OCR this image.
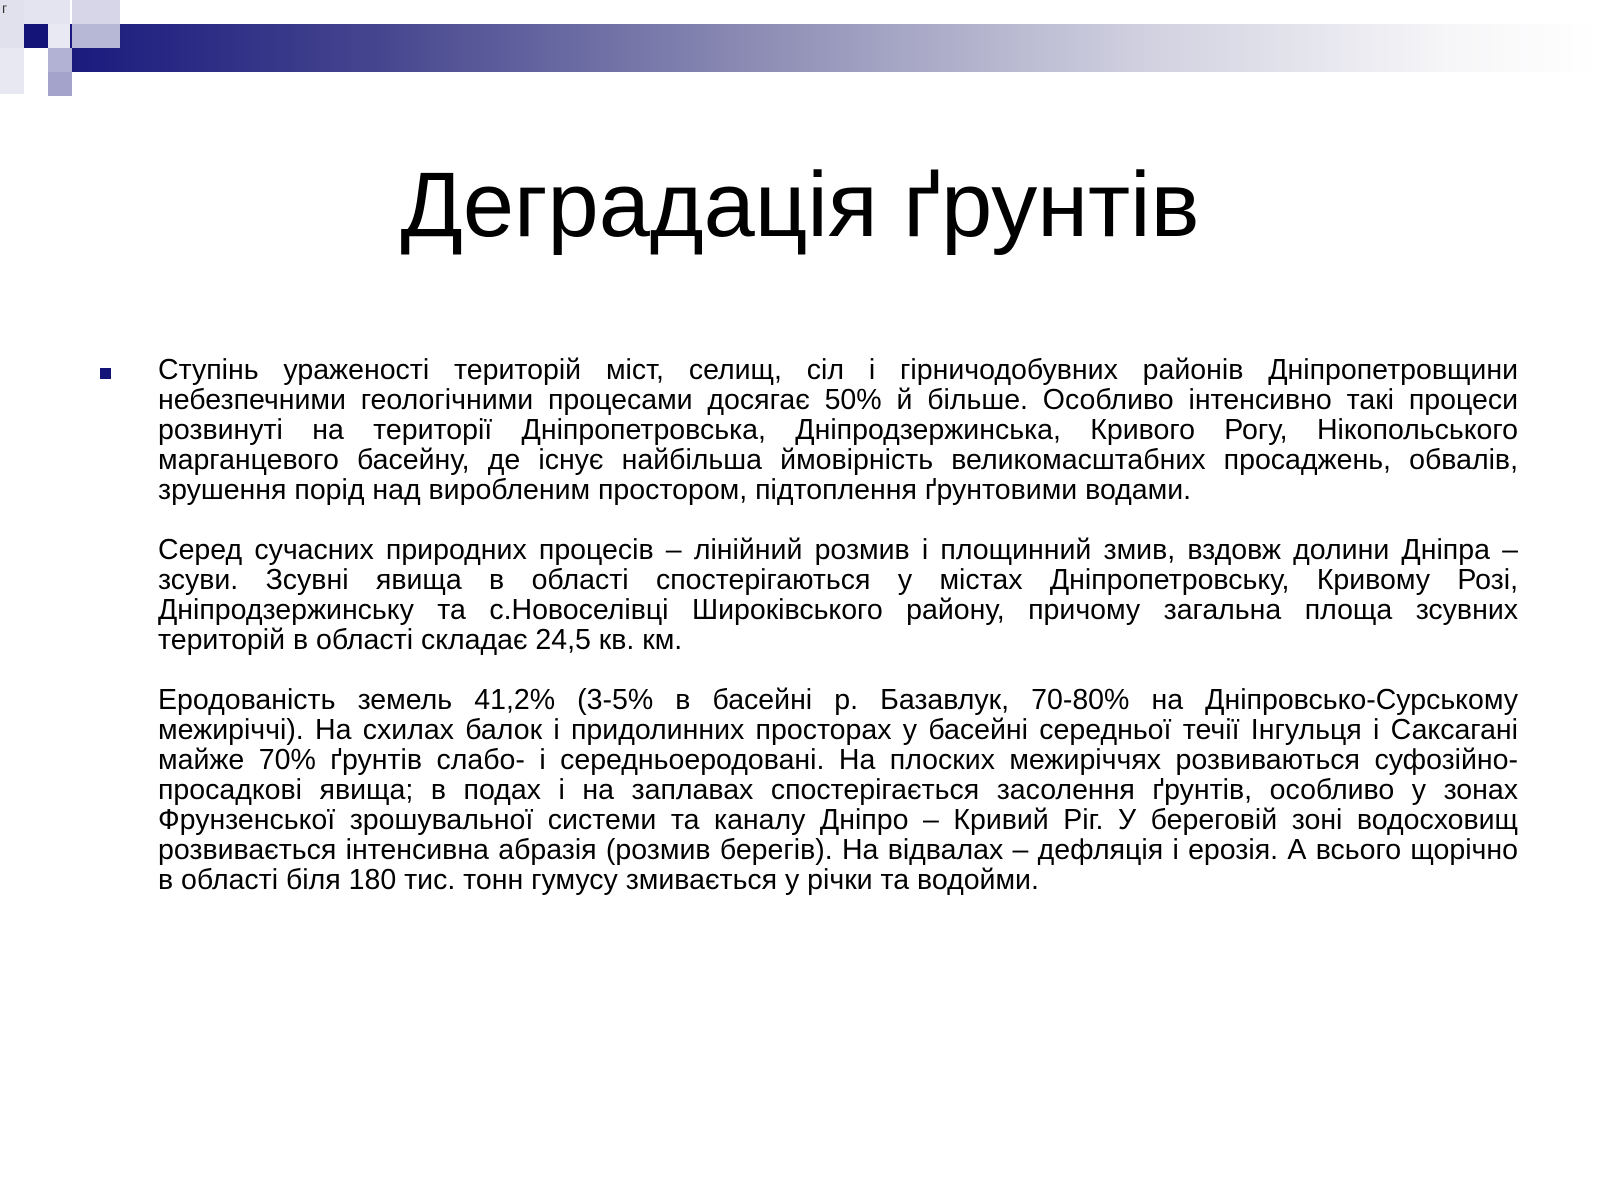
г
Деградація ґрунтів

Ступінь ураженості територій міст, селищ, сіл і гірничодобувних районів Дніпропетровщини небезпечними геологічними процесами досягає 50% й більше. Особливо інтенсивно такі процеси розвинуті на території Дніпропетровська, Дніпродзержинська, Кривого Рогу, Нікопольського марганцевого басейну, де існує найбільша ймовірність великомасштабних просаджень, обвалів, зрушення порід над виробленим простором, підтоплення ґрунтовими водами.

Серед сучасних природних процесів – лінійний розмив і площинний змив, вздовж долини Дніпра – зсуви. Зсувні явища в області спостерігаються у містах Дніпропетровську, Кривому Розі, Дніпродзержинську та с.Новоселівці Широківського району, причому загальна площа зсувних територій в області складає 24,5 кв. км.

Еродованість земель 41,2% (3-5% в басейні р. Базавлук, 70-80% на Дніпровсько-Сурському межиріччі). На схилах балок і придолинних просторах у басейні середньої течії Інгульця і Саксагані майже 70% ґрунтів слабо- і середньоеродовані. На плоских межиріччях розвиваються суфозійно-просадкові явища; в подах і на заплавах спостерігається засолення ґрунтів, особливо у зонах Фрунзенської зрошувальної системи та каналу Дніпро – Кривий Ріг. У береговій зоні водосховищ розвивається інтенсивна абразія (розмив берегів). На відвалах – дефляція і ерозія. А всього щорічно в області біля 180 тис. тонн гумусу змивається у річки та водойми.
